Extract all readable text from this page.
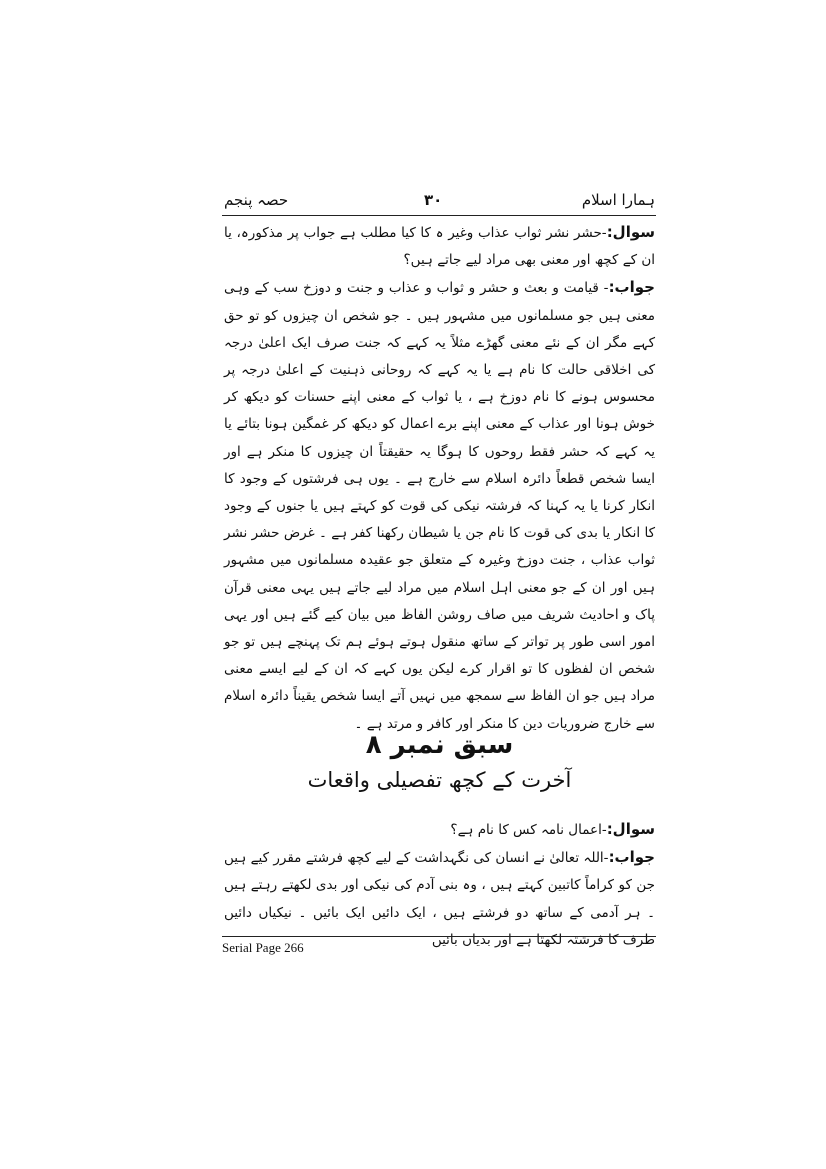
ہمارا اسلام
۳۰
حصہ پنجم

سوال:-حشر نشر ثواب عذاب وغیر ہ کا کیا مطلب ہے جواب پر مذکورہ، یا ان کے کچھ اور معنی بھی مراد لیے جاتے ہیں؟

جواب:- قیامت و بعث و حشر و ثواب و عذاب و جنت و دوزخ سب کے وہی معنی ہیں جو مسلمانوں میں مشہور ہیں ۔ جو شخص ان چیزوں کو تو حق کہے مگر ان کے نئے معنی گھڑے مثلاً یہ کہے کہ جنت صرف ایک اعلیٰ درجہ کی اخلاقی حالت کا نام ہے یا یہ کہے کہ روحانی ذہنیت کے اعلیٰ درجہ پر محسوس ہونے کا نام دوزخ ہے ، یا ثواب کے معنی اپنے حسنات کو دیکھ کر خوش ہونا اور عذاب کے معنی اپنے برے اعمال کو دیکھ کر غمگین ہونا بتائے یا یہ کہے کہ حشر فقط روحوں کا ہوگا یہ حقیقتاً ان چیزوں کا منکر ہے اور ایسا شخص قطعاً دائرہ اسلام سے خارج ہے ۔ یوں ہی فرشتوں کے وجود کا انکار کرنا یا یہ کہنا کہ فرشتہ نیکی کی قوت کو کہتے ہیں یا جنوں کے وجود کا انکار یا بدی کی قوت کا نام جن یا شیطان رکھنا کفر ہے ۔ غرض حشر نشر ثواب عذاب ، جنت دوزخ وغیرہ کے متعلق جو عقیدہ مسلمانوں میں مشہور ہیں اور ان کے جو معنی اہل اسلام میں مراد لیے جاتے ہیں یہی معنی قرآن پاک و احادیث شریف میں صاف روشن الفاظ میں بیان کیے گئے ہیں اور یہی امور اسی طور پر تواتر کے ساتھ منقول ہوتے ہوئے ہم تک پہنچے ہیں تو جو شخص ان لفظوں کا تو اقرار کرے لیکن یوں کہے کہ ان کے لیے ایسے معنی مراد ہیں جو ان الفاظ سے سمجھ میں نہیں آتے ایسا شخص یقیناً دائرہ اسلام سے خارج ضروریات دین کا منکر اور کافر و مرتد ہے ۔

سبق نمبر ۸
آخرت کے کچھ تفصیلی واقعات

سوال:-اعمال نامہ کس کا نام ہے؟

جواب:-اللہ تعالیٰ نے انسان کی نگہداشت کے لیے کچھ فرشتے مقرر کیے ہیں جن کو کراماً کاتبین کہتے ہیں ، وہ بنی آدم کی نیکی اور بدی لکھتے رہتے ہیں ۔ ہر آدمی کے ساتھ دو فرشتے ہیں ، ایک دائیں ایک بائیں ۔ نیکیاں دائیں طرف کا فرشتہ لکھتا ہے اور بدیاں بائیں

Serial Page 266
